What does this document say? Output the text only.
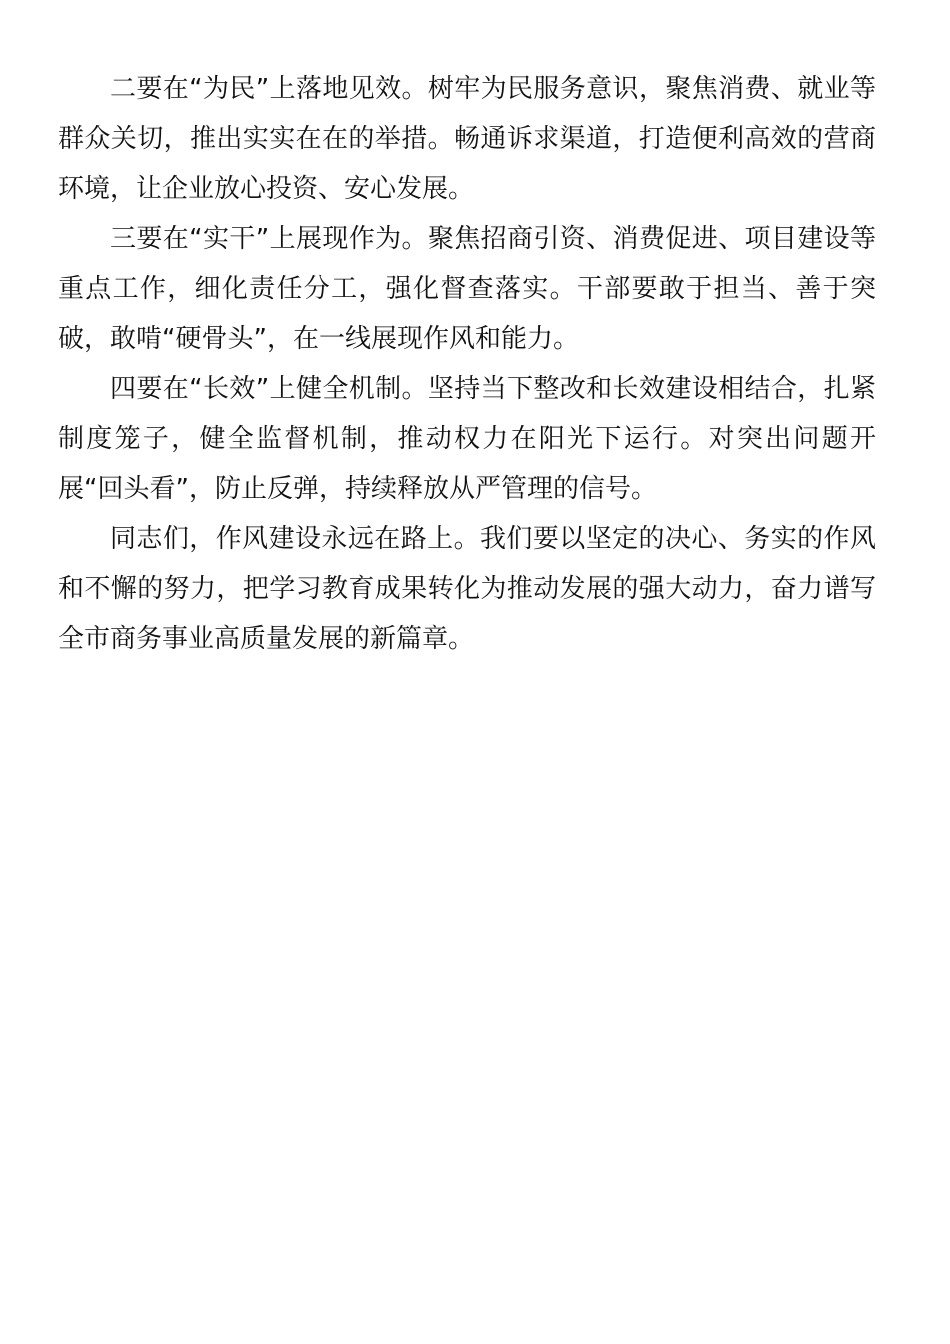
二要在“为民”上落地见效。树牢为民服务意识，聚焦消费、就业等群众关切，推出实实在在的举措。畅通诉求渠道，打造便利高效的营商环境，让企业放心投资、安心发展。

三要在“实干”上展现作为。聚焦招商引资、消费促进、项目建设等重点工作，细化责任分工，强化督查落实。干部要敢于担当、善于突破，敢啃“硬骨头”，在一线展现作风和能力。

四要在“长效”上健全机制。坚持当下整改和长效建设相结合，扎紧制度笼子，健全监督机制，推动权力在阳光下运行。对突出问题开展“回头看”，防止反弹，持续释放从严管理的信号。

同志们，作风建设永远在路上。我们要以坚定的决心、务实的作风和不懈的努力，把学习教育成果转化为推动发展的强大动力，奋力谱写全市商务事业高质量发展的新篇章。
